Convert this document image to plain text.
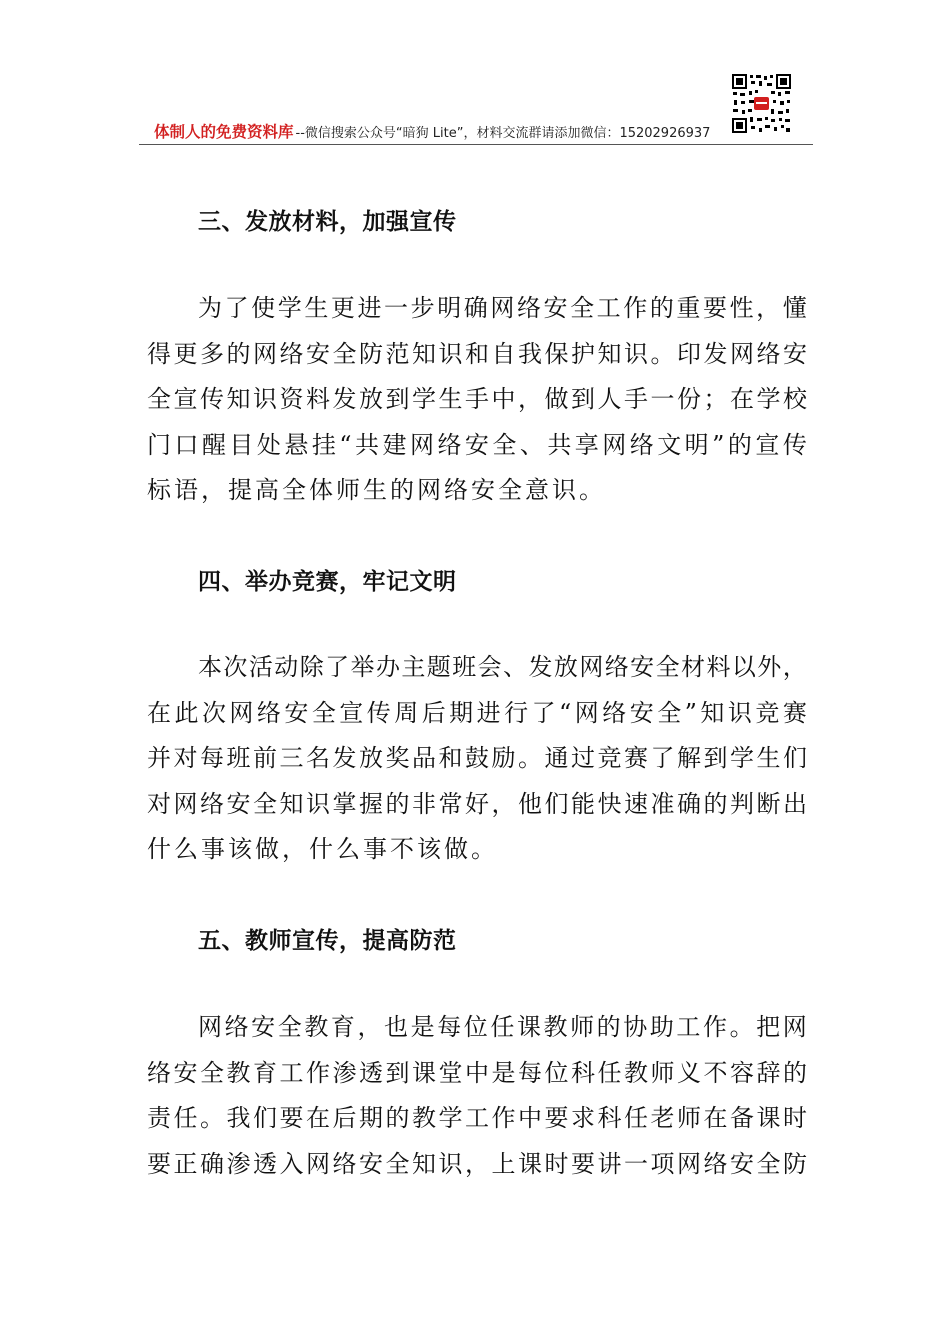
体制人的免费资料库 --微信搜索公众号“暗狗 Lite”，材料交流群请添加微信：15202926937
三、发放材料，加强宣传
为 了 使 学 生 更 进 一 步 明 确 网 络 安 全 工 作 的 重 要 性 ， 懂
得 更 多 的 网 络 安 全 防 范 知 识 和 自 我 保 护 知 识 。 印 发 网 络 安
全 宣 传 知 识 资 料 发 放 到 学 生 手 中 ， 做 到 人 手 一 份 ； 在 学 校
门 口 醒 目 处 悬 挂 “ 共 建 网 络 安 全 、 共 享 网 络 文 明 ” 的 宣 传
标语，提高全体师生的网络安全意识。
四、举办竞赛，牢记文明
本 次 活 动 除 了 举 办 主 题 班 会 、 发 放 网 络 安 全 材 料 以 外 ，
在 此 次 网 络 安 全 宣 传 周 后 期 进 行 了 “ 网 络 安 全 ” 知 识 竞 赛
并 对 每 班 前 三 名 发 放 奖 品 和 鼓 励 。 通 过 竞 赛 了 解 到 学 生 们
对 网 络 安 全 知 识 掌 握 的 非 常 好 ， 他 们 能 快 速 准 确 的 判 断 出
什么事该做，什么事不该做。
五、教师宣传，提高防范
网 络 安 全 教 育 ， 也 是 每 位 任 课 教 师 的 协 助 工 作 。 把 网
络 安 全 教 育 工 作 渗 透 到 课 堂 中 是 每 位 科 任 教 师 义 不 容 辞 的
责 任 。 我 们 要 在 后 期 的 教 学 工 作 中 要 求 科 任 老 师 在 备 课 时
要 正 确 渗 透 入 网 络 安 全 知 识 ， 上 课 时 要 讲 一 项 网 络 安 全 防
